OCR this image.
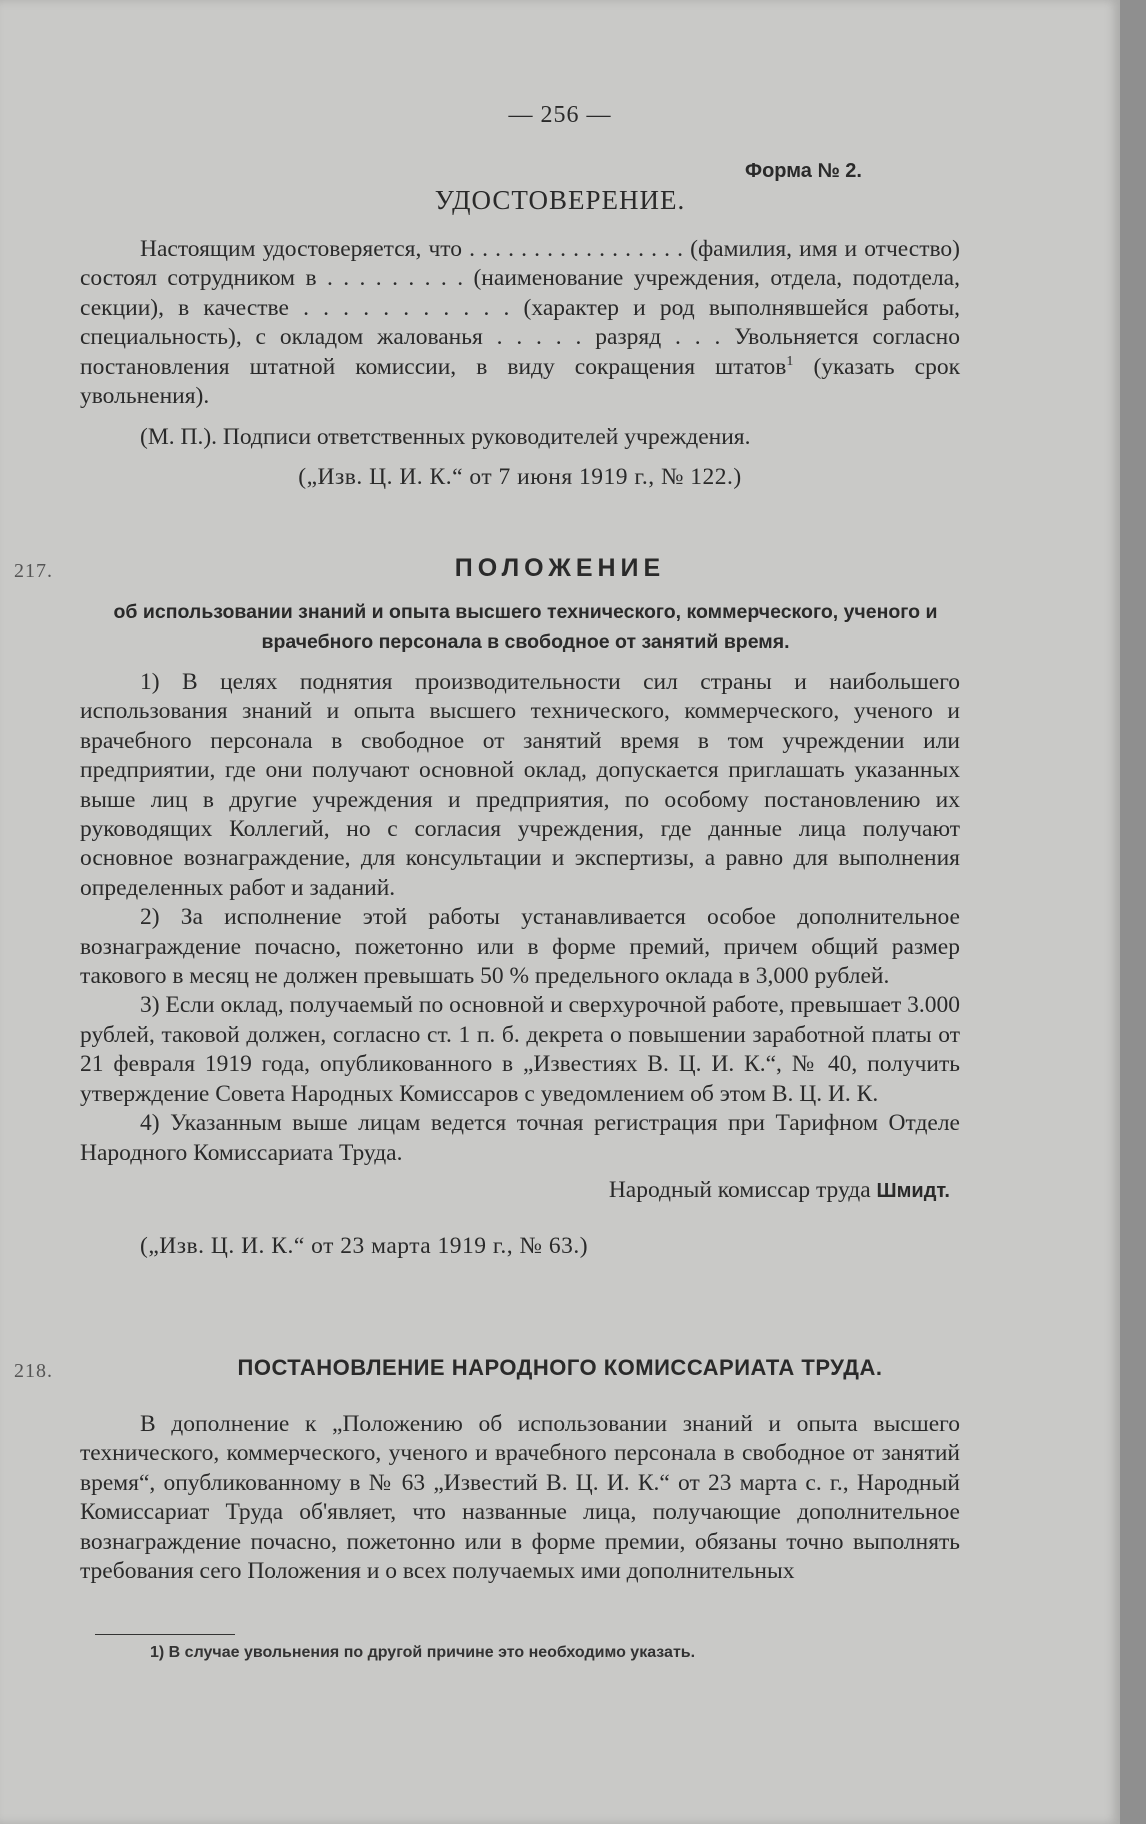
— 256 —
Форма № 2.
УДОСТОВЕРЕНИЕ.

Настоящим удостоверяется, что . . . . . . . . . . . . . . . . . (фамилия, имя и отчество) состоял сотрудником в . . . . . . . . . (наименование учреждения, отдела, подотдела, секции), в качестве . . . . . . . . . . . (характер и род выполнявшейся работы, специальность), с окладом жалованья . . . . . разряд . . . Увольняется согласно постановления штатной комиссии, в виду сокращения штатов$^1$ (указать срок увольнения).

(М. П.). Подписи ответственных руководителей учреждения.

(„Изв. Ц. И. К.“ от 7 июня 1919 г., № 122.)

217.	ПОЛОЖЕНИЕ
об использовании знаний и опыта высшего технического, коммерческого, ученого и врачебного персонала в свободное от занятий время.

1) В целях поднятия производительности сил страны и наибольшего использования знаний и опыта высшего технического, коммерческого, ученого и врачебного персонала в свободное от занятий время в том учреждении или предприятии, где они получают основной оклад, допускается приглашать указанных выше лиц в другие учреждения и предприятия, по особому постановлению их руководящих Коллегий, но с согласия учреждения, где данные лица получают основное вознаграждение, для консультации и экспертизы, а равно для выполнения определенных работ и заданий.

2) За исполнение этой работы устанавливается особое дополнительное вознаграждение почасно, пожетонно или в форме премий, причем общий размер такового в месяц не должен превышать 50 % предельного оклада в 3,000 рублей.

3) Если оклад, получаемый по основной и сверхурочной работе, превышает 3.000 рублей, таковой должен, согласно ст. 1 п. б. декрета о повышении заработной платы от 21 февраля 1919 года, опубликованного в „Известиях В. Ц. И. К.“, № 40, получить утверждение Совета Народных Комиссаров с уведомлением об этом В. Ц. И. К.

4) Указанным выше лицам ведется точная регистрация при Тарифном Отделе Народного Комиссариата Труда.

Народный комиссар труда Шмидт.

(„Изв. Ц. И. К.“ от 23 марта 1919 г., № 63.)

218.	ПОСТАНОВЛЕНИЕ НАРОДНОГО КОМИССАРИАТА ТРУДА.

В дополнение к „Положению об использовании знаний и опыта высшего технического, коммерческого, ученого и врачебного персонала в свободное от занятий время“, опубликованному в № 63 „Известий В. Ц. И. К.“ от 23 марта с. г., Народный Комиссариат Труда об'являет, что названные лица, получающие дополнительное вознаграждение почасно, пожетонно или в форме премии, обязаны точно выполнять требования сего Положения и о всех получаемых ими дополнительных

1) В случае увольнения по другой причине это необходимо указать.
